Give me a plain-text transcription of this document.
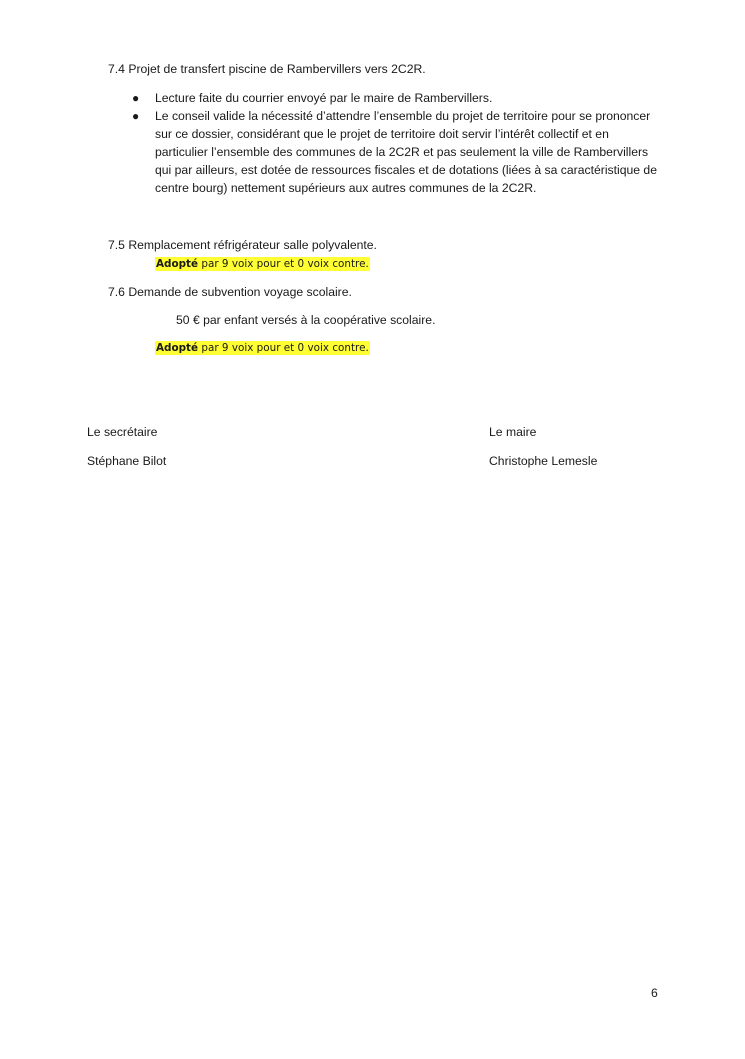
7.4 Projet de transfert piscine de Rambervillers vers 2C2R.
● Lecture faite du courrier envoyé par le maire de Rambervillers.
● Le conseil valide la nécessité d’attendre l’ensemble du projet de territoire pour se prononcer sur ce dossier, considérant que le projet de territoire doit servir l’intérêt collectif et en particulier l’ensemble des communes de la 2C2R et pas seulement la ville de Rambervillers qui par ailleurs, est dotée de ressources fiscales et de dotations (liées à sa caractéristique de centre bourg) nettement supérieurs aux autres communes de la 2C2R.
7.5 Remplacement réfrigérateur salle polyvalente.
Adopté par 9 voix pour et 0 voix contre.
7.6 Demande de subvention voyage scolaire.
50 € par enfant versés à la coopérative scolaire.
Adopté par 9 voix pour et 0 voix contre.
Le secrétaire
Stéphane Bilot
Le maire
Christophe Lemesle
6
